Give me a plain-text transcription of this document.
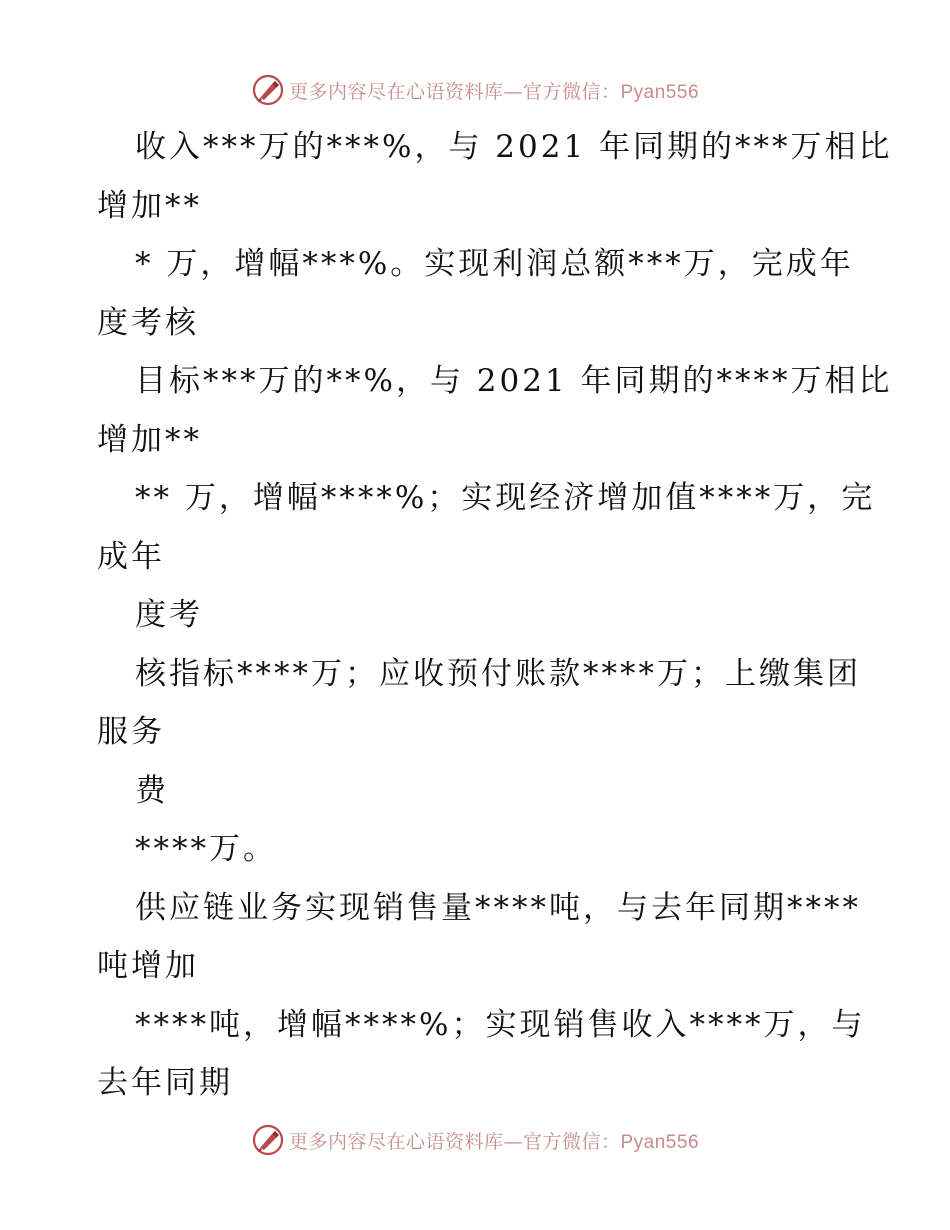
更多内容尽在心语资料库—官方微信：Pyan556
收入***万的***%，与 2021 年同期的***万相比
增加**
* 万，增幅***%。实现利润总额***万，完成年
度考核
目标***万的**%，与 2021 年同期的****万相比
增加**
** 万，增幅****%；实现经济增加值****万，完
成年
度考
核指标****万；应收预付账款****万；上缴集团
服务
费
****万。
供应链业务实现销售量****吨，与去年同期****
吨增加
****吨，增幅****%；实现销售收入****万，与
去年同期
更多内容尽在心语资料库—官方微信：Pyan556
